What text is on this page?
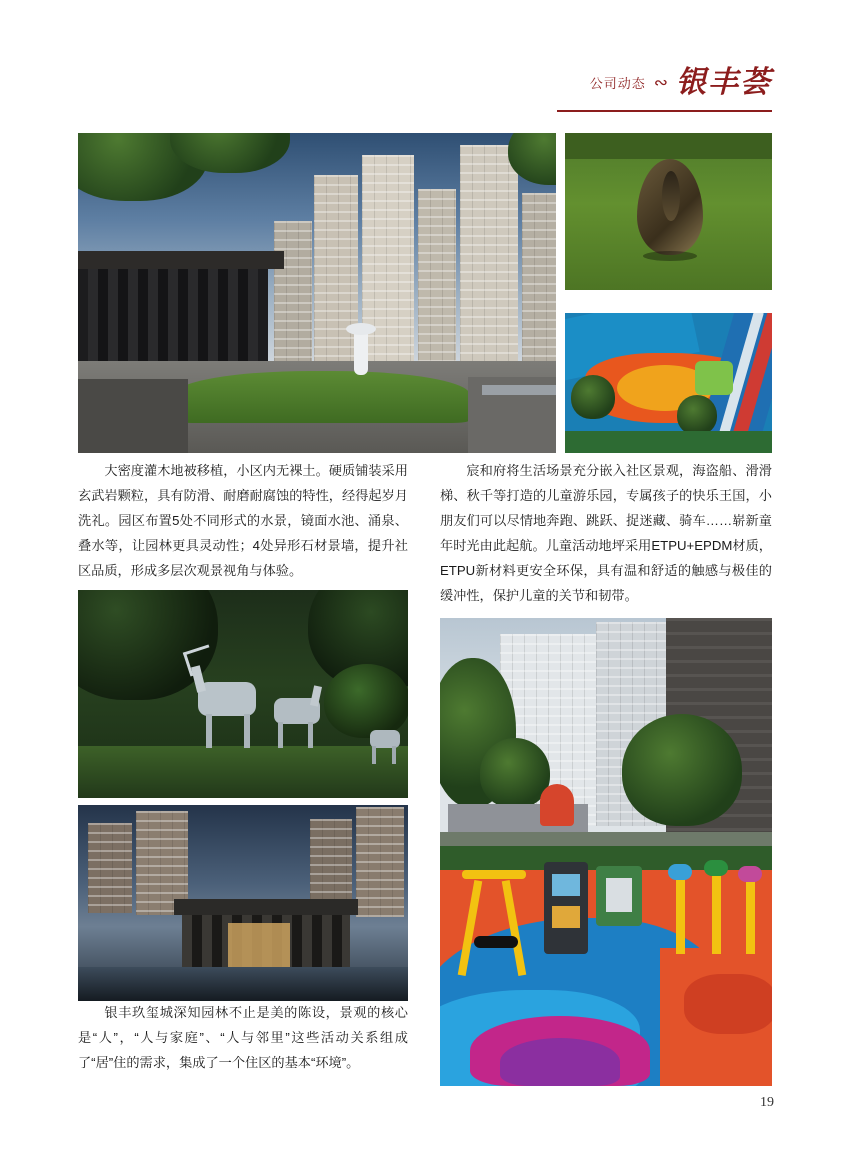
公司动态 ∾ 银丰荟

大密度灌木地被移植，小区内无裸土。硬质铺装采用玄武岩颗粒，具有防滑、耐磨耐腐蚀的特性，经得起岁月洗礼。园区布置5处不同形式的水景，镜面水池、涌泉、叠水等，让园林更具灵动性；4处异形石材景墙，提升社区品质，形成多层次观景视角与体验。

宸和府将生活场景充分嵌入社区景观，海盗船、滑滑梯、秋千等打造的儿童游乐园，专属孩子的快乐王国，小朋友们可以尽情地奔跑、跳跃、捉迷藏、骑车……崭新童年时光由此起航。儿童活动地坪采用ETPU+EPDM材质，ETPU新材料更安全环保，具有温和舒适的触感与极佳的缓冲性，保护儿童的关节和韧带。

银丰玖玺城深知园林不止是美的陈设，景观的核心是“人”，“人与家庭”、“人与邻里”这些活动关系组成了“居”住的需求，集成了一个住区的基本“环境”。

19
